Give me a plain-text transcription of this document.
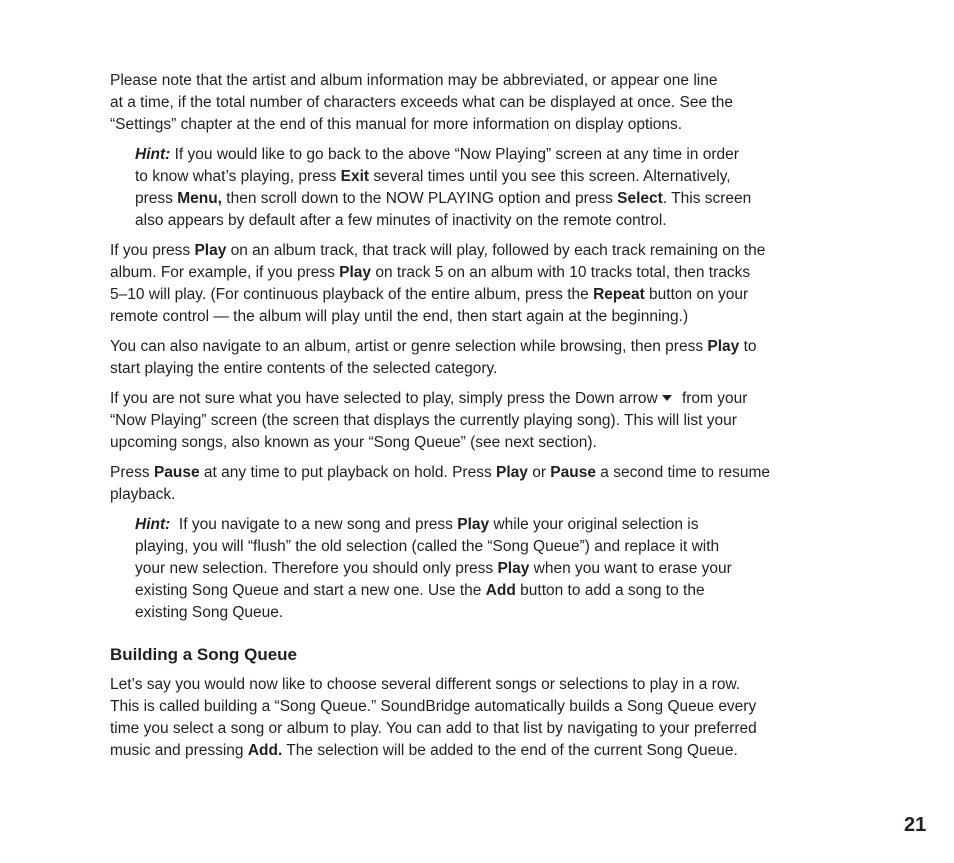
Please note that the artist and album information may be abbreviated, or appear one line
at a time, if the total number of characters exceeds what can be displayed at once. See the
“Settings” chapter at the end of this manual for more information on display options.

Hint: If you would like to go back to the above “Now Playing” screen at any time in order
to know what’s playing, press Exit several times until you see this screen. Alternatively,
press Menu, then scroll down to the NOW PLAYING option and press Select. This screen
also appears by default after a few minutes of inactivity on the remote control.

If you press Play on an album track, that track will play, followed by each track remaining on the
album. For example, if you press Play on track 5 on an album with 10 tracks total, then tracks
5–10 will play. (For continuous playback of the entire album, press the Repeat button on your
remote control — the album will play until the end, then start again at the beginning.)

You can also navigate to an album, artist or genre selection while browsing, then press Play to
start playing the entire contents of the selected category.

If you are not sure what you have selected to play, simply press the Down arrow from your
“Now Playing” screen (the screen that displays the currently playing song). This will list your
upcoming songs, also known as your “Song Queue” (see next section).

Press Pause at any time to put playback on hold. Press Play or Pause a second time to resume
playback.

Hint:  If you navigate to a new song and press Play while your original selection is
playing, you will “flush” the old selection (called the “Song Queue”) and replace it with
your new selection. Therefore you should only press Play when you want to erase your
existing Song Queue and start a new one. Use the Add button to add a song to the
existing Song Queue.

Building a Song Queue

Let’s say you would now like to choose several different songs or selections to play in a row.
This is called building a “Song Queue.” SoundBridge automatically builds a Song Queue every
time you select a song or album to play. You can add to that list by navigating to your preferred
music and pressing Add. The selection will be added to the end of the current Song Queue.

21
